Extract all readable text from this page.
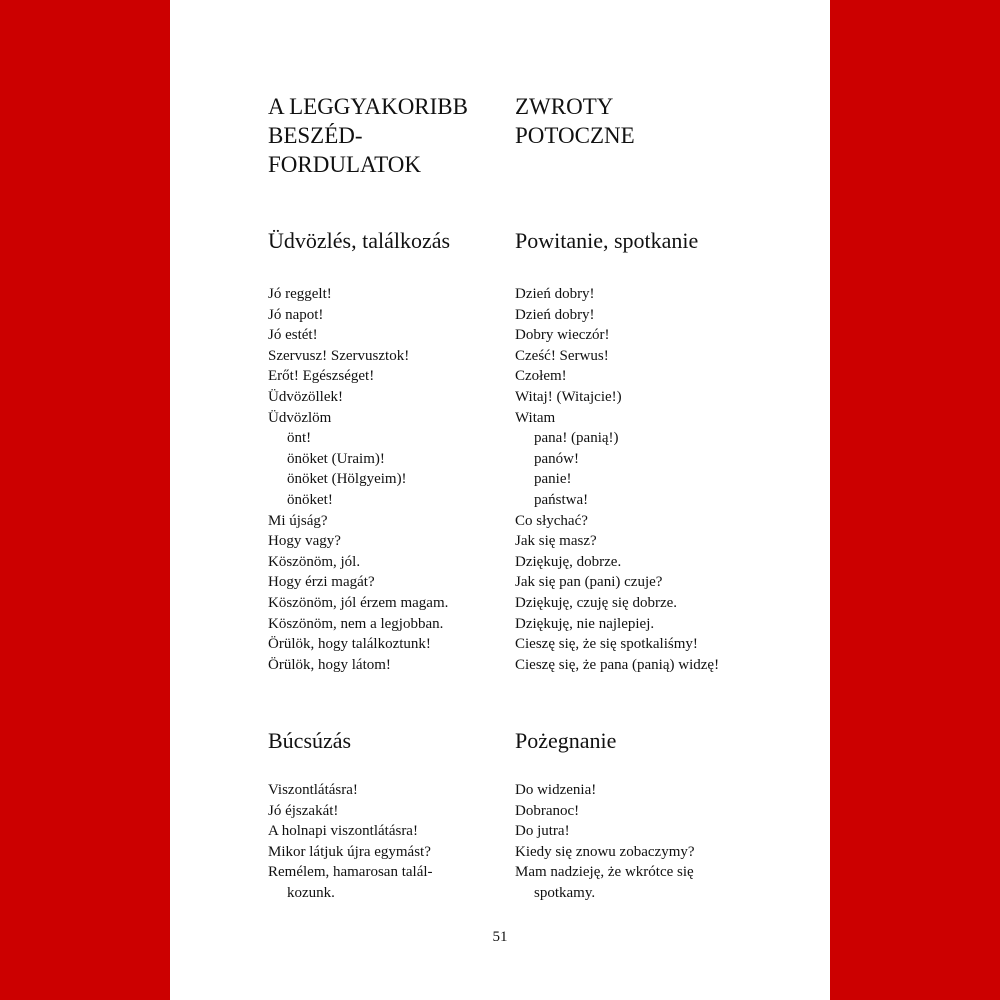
A LEGGYAKORIBB
BESZÉD-
FORDULATOK
ZWROTY
POTOCZNE
Üdvözlés, találkozás	Powitanie, spotkanie
Jó reggelt!
Jó napot!
Jó estét!
Szervusz! Szervusztok!
Erőt! Egészséget!
Üdvözöllek!
Üdvözlöm
önt!
önöket (Uraim)!
önöket (Hölgyeim)!
önöket!
Mi újság?
Hogy vagy?
Köszönöm, jól.
Hogy érzi magát?
Köszönöm, jól érzem magam.
Köszönöm, nem a legjobban.
Örülök, hogy találkoztunk!
Örülök, hogy látom!
Dzień dobry!
Dzień dobry!
Dobry wieczór!
Cześć! Serwus!
Czołem!
Witaj! (Witajcie!)
Witam
pana! (panią!)
panów!
panie!
państwa!
Co słychać?
Jak się masz?
Dziękuję, dobrze.
Jak się pan (pani) czuje?
Dziękuję, czuję się dobrze.
Dziękuję, nie najlepiej.
Cieszę się, że się spotkaliśmy!
Cieszę się, że pana (panią) widzę!
Búcsúzás	Pożegnanie
Viszontlátásra!
Jó éjszakát!
A holnapi viszontlátásra!
Mikor látjuk újra egymást?
Remélem, hamarosan talál-
kozunk.
Do widzenia!
Dobranoc!
Do jutra!
Kiedy się znowu zobaczymy?
Mam nadzieję, że wkrótce się
spotkamy.
51
